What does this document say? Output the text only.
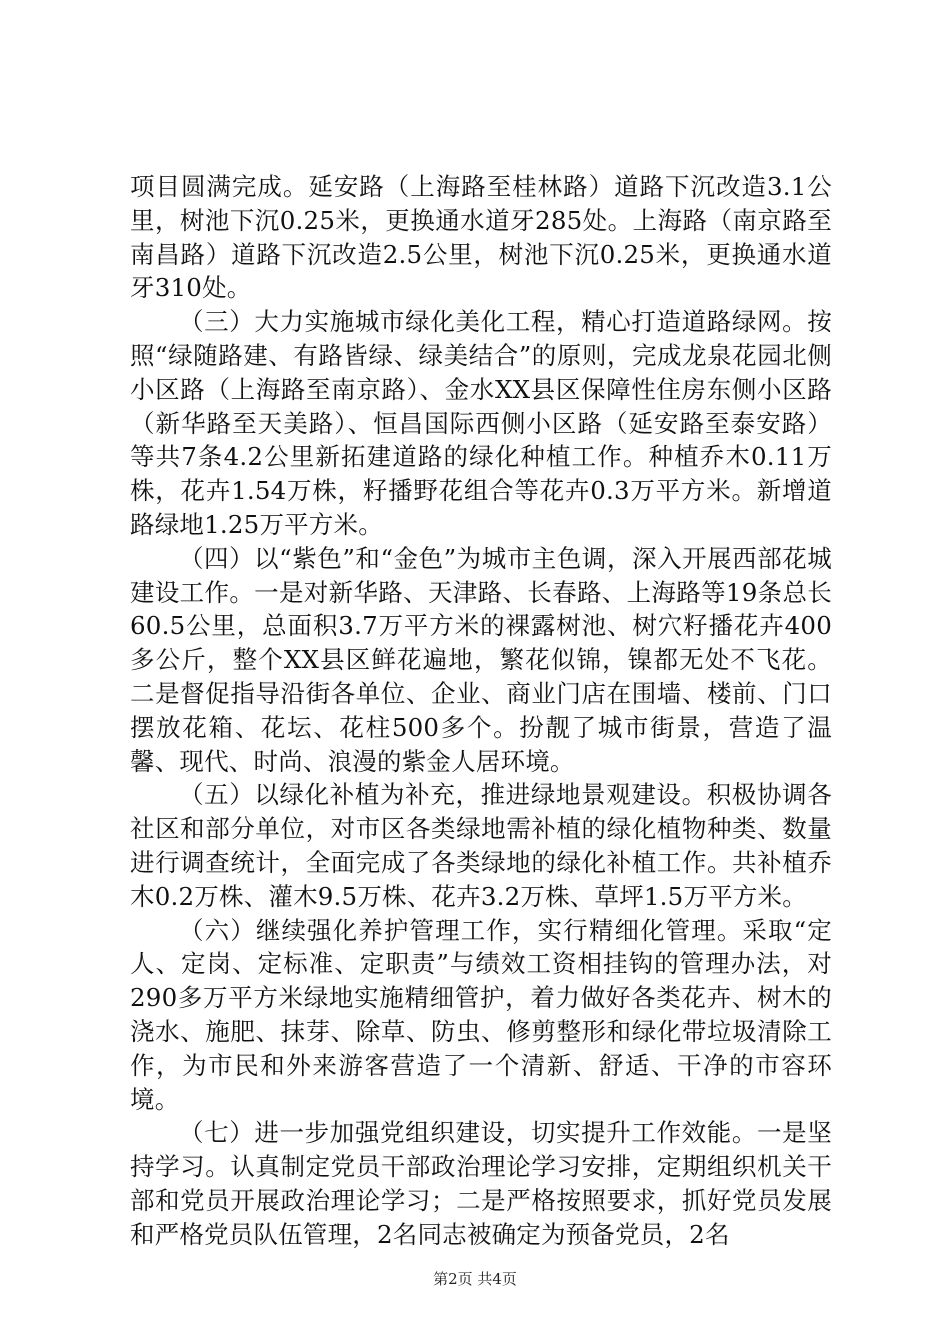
项目圆满完成。延安路（上海路至桂林路）道路下沉改造3.1公里，树池下沉0.25米，更换通水道牙285处。上海路（南京路至南昌路）道路下沉改造2.5公里，树池下沉0.25米，更换通水道牙310处。

（三）大力实施城市绿化美化工程，精心打造道路绿网。按照“绿随路建、有路皆绿、绿美结合”的原则，完成龙泉花园北侧小区路（上海路至南京路）、金水XX县区保障性住房东侧小区路（新华路至天美路）、恒昌国际西侧小区路（延安路至泰安路）等共7条4.2公里新拓建道路的绿化种植工作。种植乔木0.11万株，花卉1.54万株，籽播野花组合等花卉0.3万平方米。新增道路绿地1.25万平方米。

（四）以“紫色”和“金色”为城市主色调，深入开展西部花城建设工作。一是对新华路、天津路、长春路、上海路等19条总长60.5公里，总面积3.7万平方米的裸露树池、树穴籽播花卉400多公斤，整个XX县区鲜花遍地，繁花似锦，镍都无处不飞花。二是督促指导沿街各单位、企业、商业门店在围墙、楼前、门口摆放花箱、花坛、花柱500多个。扮靓了城市街景，营造了温馨、现代、时尚、浪漫的紫金人居环境。

（五）以绿化补植为补充，推进绿地景观建设。积极协调各社区和部分单位，对市区各类绿地需补植的绿化植物种类、数量进行调查统计，全面完成了各类绿地的绿化补植工作。共补植乔木0.2万株、灌木9.5万株、花卉3.2万株、草坪1.5万平方米。

（六）继续强化养护管理工作，实行精细化管理。采取“定人、定岗、定标准、定职责”与绩效工资相挂钩的管理办法，对290多万平方米绿地实施精细管护，着力做好各类花卉、树木的浇水、施肥、抹芽、除草、防虫、修剪整形和绿化带垃圾清除工作，为市民和外来游客营造了一个清新、舒适、干净的市容环境。

（七）进一步加强党组织建设，切实提升工作效能。一是坚持学习。认真制定党员干部政治理论学习安排，定期组织机关干部和党员开展政治理论学习；二是严格按照要求，抓好党员发展和严格党员队伍管理，2名同志被确定为预备党员，2名

第2页 共4页
